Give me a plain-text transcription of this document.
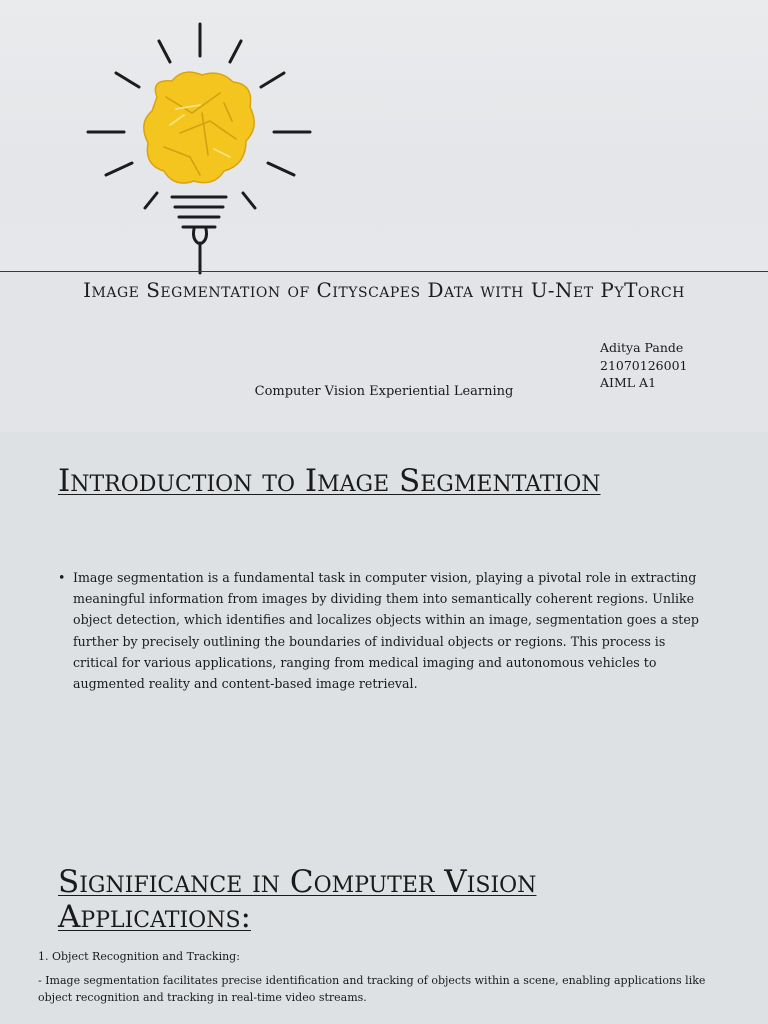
Image Segmentation of Cityscapes Data with U-Net PyTorch
Aditya Pande
21070126001
AIML A1
Computer Vision Experiential Learning
Introduction to Image Segmentation
• Image segmentation is a fundamental task in computer vision, playing a pivotal role in extracting meaningful information from images by dividing them into semantically coherent regions. Unlike object detection, which identifies and localizes objects within an image, segmentation goes a step further by precisely outlining the boundaries of individual objects or regions. This process is critical for various applications, ranging from medical imaging and autonomous vehicles to augmented reality and content-based image retrieval.
Significance in Computer Vision Applications:
1. Object Recognition and Tracking:
- Image segmentation facilitates precise identification and tracking of objects within a scene, enabling applications like object recognition and tracking in real-time video streams.
